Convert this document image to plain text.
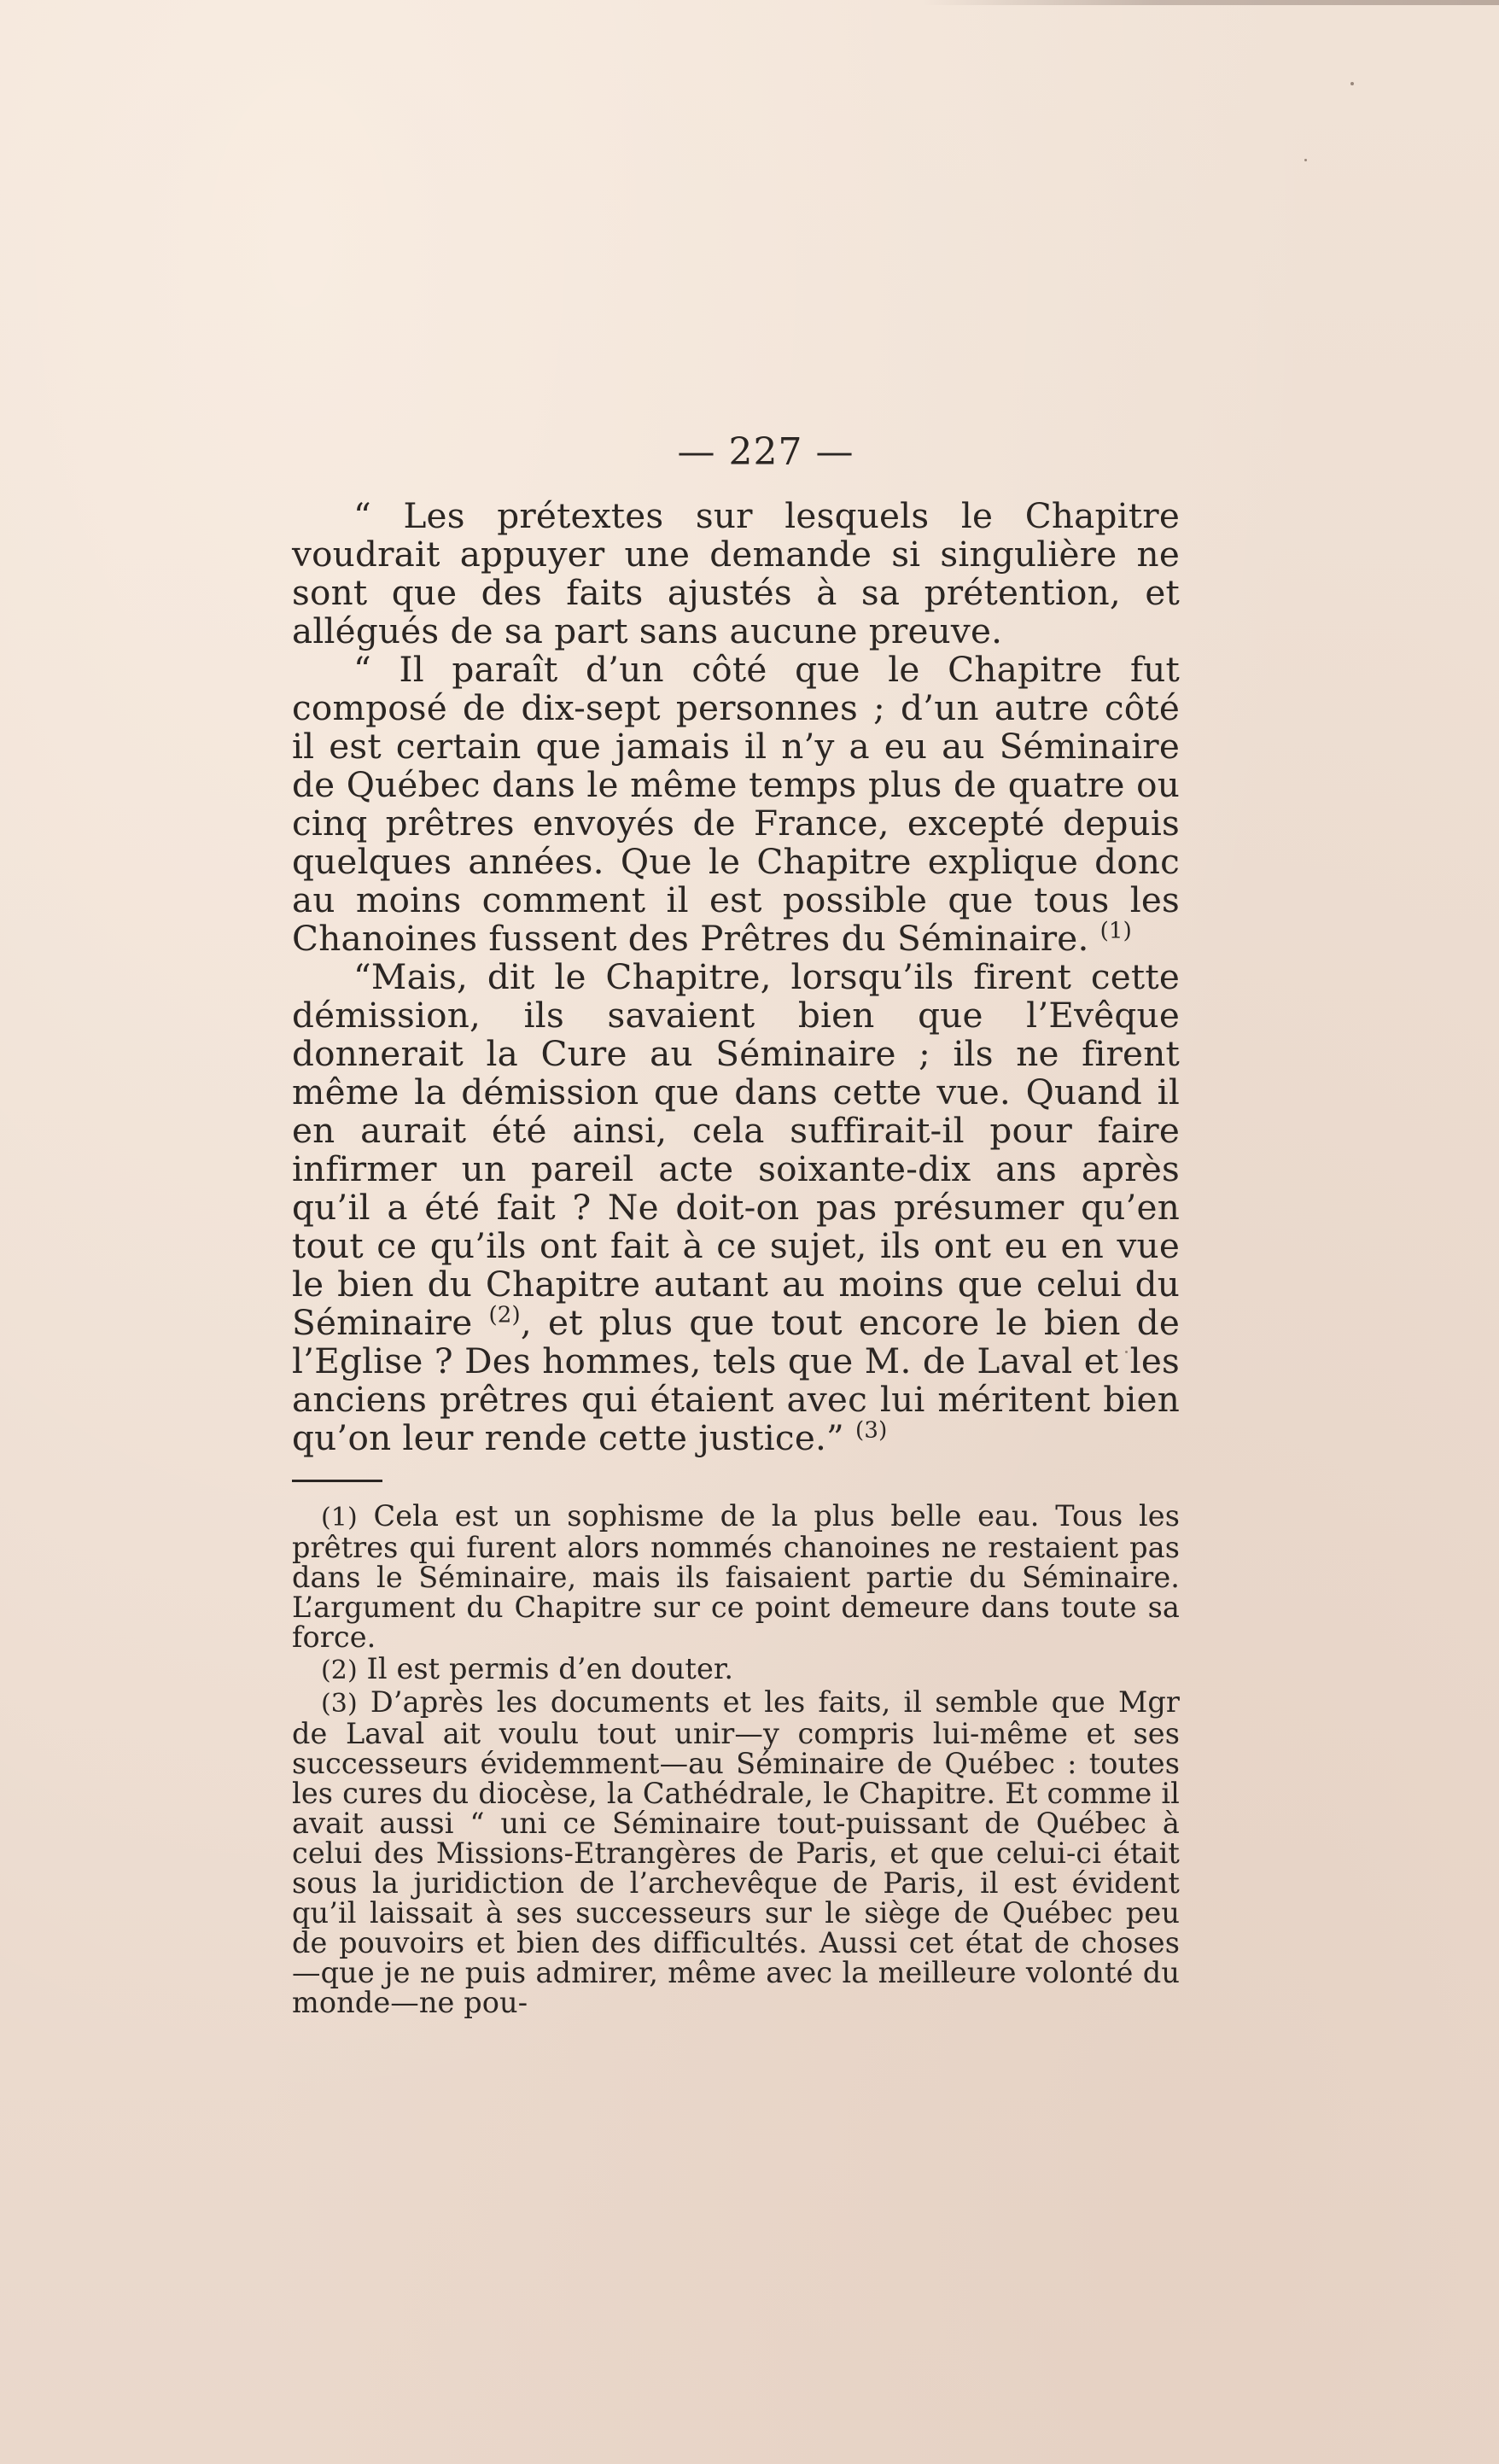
— 227 —

“ Les prétextes sur lesquels le Chapitre voudrait appuyer une demande si singulière ne sont que des faits ajustés à sa prétention, et allégués de sa part sans aucune preuve.

“ Il paraît d’un côté que le Chapitre fut composé de dix-sept personnes ; d’un autre côté il est certain que jamais il n’y a eu au Séminaire de Québec dans le même temps plus de quatre ou cinq prêtres envoyés de France, excepté depuis quelques années. Que le Chapitre explique donc au moins comment il est possible que tous les Chanoines fussent des Prêtres du Séminaire. $^{(1)}$

“Mais, dit le Chapitre, lorsqu’ils firent cette démission, ils savaient bien que l’Evêque donnerait la Cure au Séminaire ; ils ne firent même la démission que dans cette vue. Quand il en aurait été ainsi, cela suffirait-il pour faire infirmer un pareil acte soixante-dix ans après qu’il a été fait ? Ne doit-on pas présumer qu’en tout ce qu’ils ont fait à ce sujet, ils ont eu en vue le bien du Chapitre autant au moins que celui du Séminaire $^{(2)}$, et plus que tout encore le bien de l’Eglise ? Des hommes, tels que M. de Laval et les anciens prêtres qui étaient avec lui méritent bien qu’on leur rende cette justice.” $^{(3)}$

(1) Cela est un sophisme de la plus belle eau. Tous les prêtres qui furent alors nommés chanoines ne restaient pas dans le Séminaire, mais ils faisaient partie du Séminaire. L’argument du Chapitre sur ce point demeure dans toute sa force.

(2) Il est permis d’en douter.

(3) D’après les documents et les faits, il semble que Mgr de Laval ait voulu tout unir—y compris lui-même et ses successeurs évidemment—au Séminaire de Québec : toutes les cures du diocèse, la Cathédrale, le Chapitre. Et comme il avait aussi “ uni ce Séminaire tout-puissant de Québec à celui des Missions-Etrangères de Paris, et que celui-ci était sous la juridiction de l’archevêque de Paris, il est évident qu’il laissait à ses successeurs sur le siège de Québec peu de pouvoirs et bien des difficultés. Aussi cet état de choses—que je ne puis admirer, même avec la meilleure volonté du monde—ne pou-
